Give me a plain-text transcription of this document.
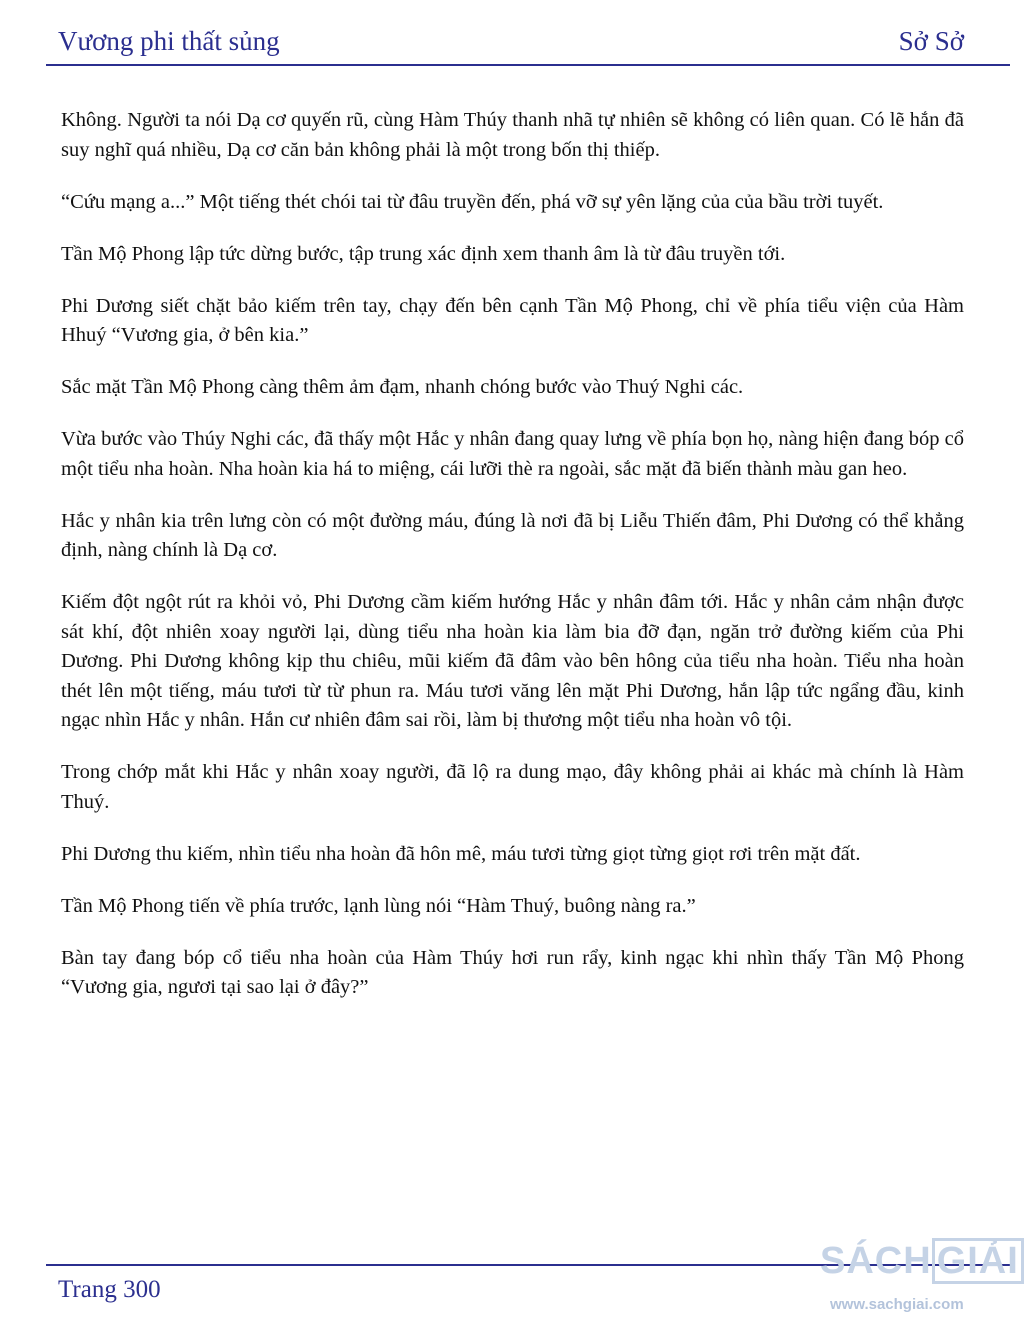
Vương phi thất sủng	Sở Sở

Không. Người ta nói Dạ cơ quyến rũ, cùng Hàm Thúy thanh nhã tự nhiên sẽ không có liên quan. Có lẽ hắn đã suy nghĩ quá nhiều, Dạ cơ căn bản không phải là một trong bốn thị thiếp.

“Cứu mạng a...” Một tiếng thét chói tai từ đâu truyền đến, phá vỡ sự yên lặng của của bầu trời tuyết.

Tần Mộ Phong lập tức dừng bước, tập trung xác định xem thanh âm là từ đâu truyền tới.

Phi Dương siết chặt bảo kiếm trên tay, chạy đến bên cạnh Tần Mộ Phong, chỉ về phía tiểu viện của Hàm Hhuý “Vương gia, ở bên kia.”

Sắc mặt Tần Mộ Phong càng thêm ảm đạm, nhanh chóng bước vào Thuý Nghi các.

Vừa bước vào Thúy Nghi các, đã thấy một Hắc y nhân đang quay lưng về phía bọn họ, nàng hiện đang bóp cổ một tiểu nha hoàn. Nha hoàn kia há to miệng, cái lưỡi thè ra ngoài, sắc mặt đã biến thành màu gan heo.

Hắc y nhân kia trên lưng còn có một đường máu, đúng là nơi đã bị Liễu Thiến đâm, Phi Dương có thể khẳng định, nàng chính là Dạ cơ.

Kiếm đột ngột rút ra khỏi vỏ, Phi Dương cầm kiếm hướng Hắc y nhân đâm tới. Hắc y nhân cảm nhận được sát khí, đột nhiên xoay người lại, dùng tiểu nha hoàn kia làm bia đỡ đạn, ngăn trở đường kiếm của Phi Dương. Phi Dương không kịp thu chiêu, mũi kiếm đã đâm vào bên hông của tiểu nha hoàn. Tiểu nha hoàn thét lên một tiếng, máu tươi từ từ phun ra. Máu tươi văng lên mặt Phi Dương, hắn lập tức ngẩng đầu, kinh ngạc nhìn Hắc y nhân. Hắn cư nhiên đâm sai rồi, làm bị thương một tiểu nha hoàn vô tội.

Trong chớp mắt khi Hắc y nhân xoay người, đã lộ ra dung mạo, đây không phải ai khác mà chính là Hàm Thuý.

Phi Dương thu kiếm, nhìn tiểu nha hoàn đã hôn mê, máu tươi từng giọt từng giọt rơi trên mặt đất.

Tần Mộ Phong tiến về phía trước, lạnh lùng nói “Hàm Thuý, buông nàng ra.”

Bàn tay đang bóp cổ tiểu nha hoàn của Hàm Thúy hơi run rẩy, kinh ngạc khi nhìn thấy Tần Mộ Phong “Vương gia, ngươi tại sao lại ở đây?”

Trang 300
SÁCH GIẢI
www.sachgiai.com
